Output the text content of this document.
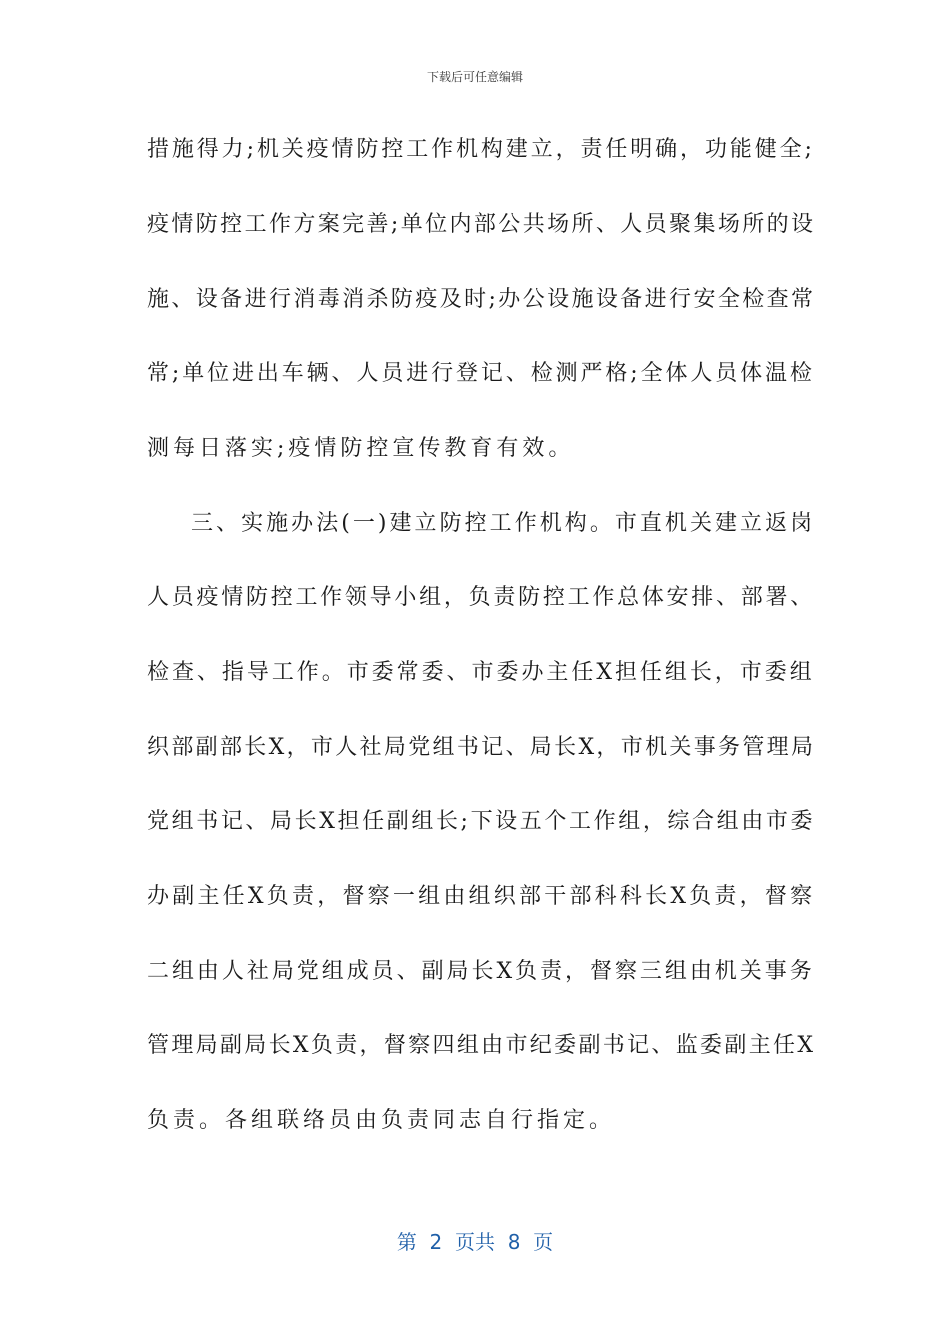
下载后可任意编辑
措施得力;机关疫情防控工作机构建立，责任明确，功能健全;
疫情防控工作方案完善;单位内部公共场所、人员聚集场所的设
施、设备进行消毒消杀防疫及时;办公设施设备进行安全检查常
常;单位进出车辆、人员进行登记、检测严格;全体人员体温检
测每日落实;疫情防控宣传教育有效。
三、实施办法(一)建立防控工作机构。市直机关建立返岗
人员疫情防控工作领导小组，负责防控工作总体安排、部署、
检查、指导工作。市委常委、市委办主任X担任组长，市委组
织部副部长X，市人社局党组书记、局长X，市机关事务管理局
党组书记、局长X担任副组长;下设五个工作组，综合组由市委
办副主任X负责，督察一组由组织部干部科科长X负责，督察
二组由人社局党组成员、副局长X负责，督察三组由机关事务
管理局副局长X负责，督察四组由市纪委副书记、监委副主任X
负责。各组联络员由负责同志自行指定。
第  2  页共  8  页
